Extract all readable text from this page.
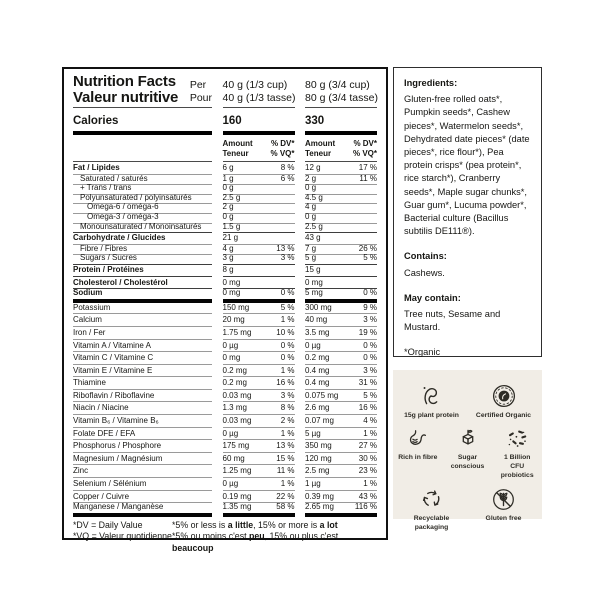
Nutrition Facts
Valeur nutritive
Per
Pour
40 g (1/3 cup)
40 g (1/3 tasse)
80 g (3/4 cup)
80 g (3/4 tasse)
Calories	160	330
Amount
Teneur
% DV*
% VQ*
Amount
Teneur
% DV*
% VQ*
Fat / Lipides	6 g	8 % 12 g	17 %
Saturated / saturés	1 g	6 % 2 g	11 %
+ Trans / trans	0 g	0 g
Polyunsaturated / polyinsaturés	2.5 g	4.5 g
Omega-6 / oméga-6	2 g	4 g
Omega-3 / oméga-3	0 g	0 g
Monounsaturated / Monoinsaturés	1.5 g	2.5 g
Carbohydrate / Glucides	21 g	43 g
Fibre / Fibres	4 g	13 % 7 g	26 %
Sugars / Sucres	3 g	3 % 5 g	5 %
Protein / Protéines	8 g	15 g
Cholesterol / Cholestérol	0 mg	0 mg
Sodium	0 mg	0 % 5 mg	0 %
Potassium	150 mg	5 % 300 mg	9 %
Calcium	20 mg	1 % 40 mg	3 %
Iron / Fer	1.75 mg	10 % 3.5 mg	19 %
Vitamin A / Vitamine A	0 µg	0 % 0 µg	0 %
Vitamin C / Vitamine C	0 mg	0 % 0.2 mg	0 %
Vitamin E / Vitamine E	0.2 mg	1 % 0.4 mg	3 %
Thiamine	0.2 mg	16 % 0.4 mg	31 %
Riboflavin / Riboflavine	0.03 mg	3 % 0.075 mg	5 %
Niacin / Niacine	1.3 mg	8 % 2.6 mg	16 %
Vitamin B₆ / Vitamine B₆	0.03 mg	2 % 0.07 mg	4 %
Folate DFE / EFA	0 µg	1 % 5 µg	1 %
Phosphorus / Phosphore	175 mg	13 % 350 mg	27 %
Magnesium / Magnésium	60 mg	15 % 120 mg	30 %
Zinc	1.25 mg	11 % 2.5 mg	23 %
Selenium / Sélénium	0 µg	1 % 1 µg	1 %
Copper / Cuivre	0.19 mg	22 % 0.39 mg	43 %
Manganese / Manganèse	1.35 mg	58 % 2.65 mg	116 %
*DV = Daily Value	*5% or less is a little, 15% or more is a lot
*VQ = Valeur quotidienne *5% ou moins c'est peu, 15% ou plus c'est beaucoup
Ingredients:
Gluten-free rolled oats*, Pumpkin seeds*, Cashew pieces*, Watermelon seeds*, Dehydrated date pieces* (date pieces*, rice flour*), Pea protein crisps* (pea protein*, rice starch*), Cranberry seeds*, Maple sugar chunks*, Guar gum*, Lucuma powder*, Bacterial culture (Bacillus subtilis DE111®).
Contains:
Cashews.
May contain:
Tree nuts, Sesame and Mustard.
*Organic
15g plant protein	Certified Organic
Rich in fibre	Sugar conscious
1 Billion CFU probiotics
Recyclable packaging
Gluten free
